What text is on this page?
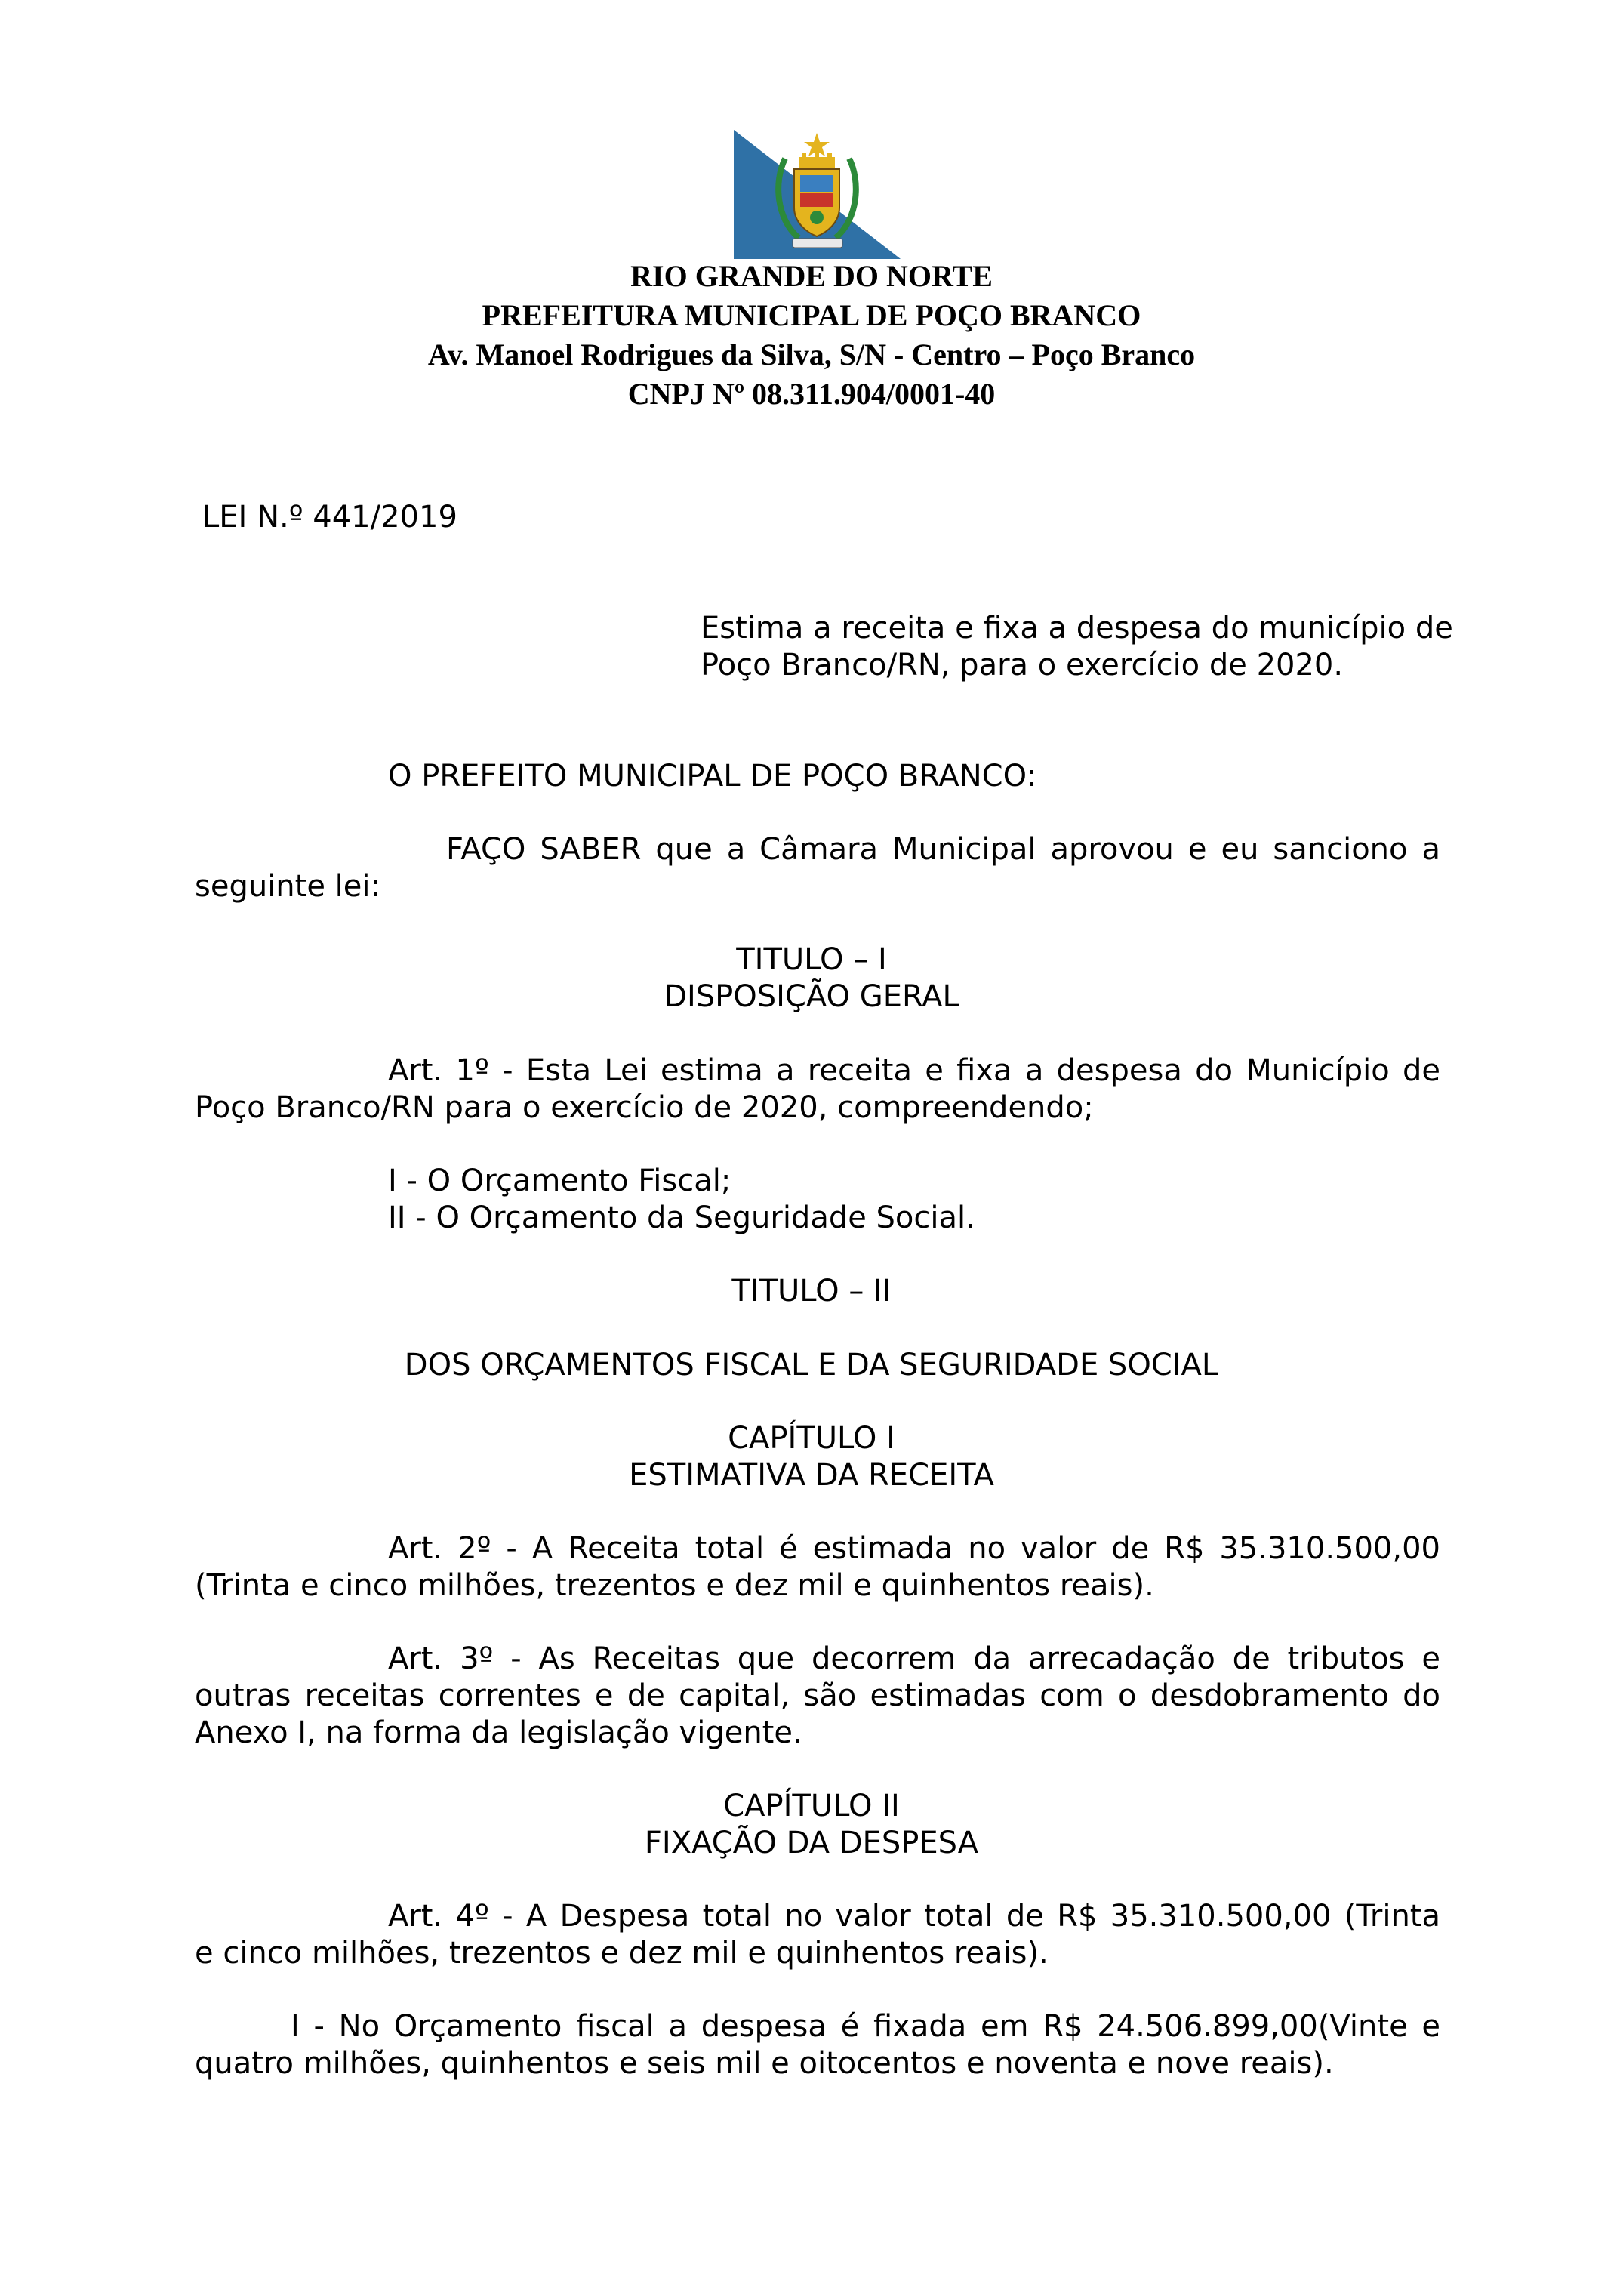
RIO GRANDE DO NORTE
PREFEITURA MUNICIPAL DE POÇO BRANCO
Av. Manoel Rodrigues da Silva, S/N - Centro – Poço Branco
CNPJ Nº 08.311.904/0001-40
LEI N.º 441/2019
Estima a receita e fixa a despesa do município de
Poço Branco/RN, para o exercício de 2020.
O PREFEITO MUNICIPAL DE POÇO BRANCO:
FAÇO SABER que a Câmara Municipal aprovou e eu sanciono a
seguinte lei:
TITULO – I
DISPOSIÇÃO GERAL
Art. 1º - Esta Lei estima a receita e fixa a despesa do Município de
Poço Branco/RN para o exercício de 2020, compreendendo;
I - O Orçamento Fiscal;
II - O Orçamento da Seguridade Social.
TITULO – II
DOS ORÇAMENTOS FISCAL E DA SEGURIDADE SOCIAL
CAPÍTULO I
ESTIMATIVA DA RECEITA
Art. 2º - A Receita total é estimada no valor de R$ 35.310.500,00
(Trinta e cinco milhões, trezentos e dez mil e quinhentos reais).
Art. 3º - As Receitas que decorrem da arrecadação de tributos e
outras receitas correntes e de capital, são estimadas com o desdobramento do
Anexo I, na forma da legislação vigente.
CAPÍTULO II
FIXAÇÃO DA DESPESA
Art. 4º - A Despesa total no valor total de R$ 35.310.500,00 (Trinta
e cinco milhões, trezentos e dez mil e quinhentos reais).
I - No Orçamento fiscal a despesa é fixada em R$ 24.506.899,00(Vinte e
quatro milhões, quinhentos e seis mil e oitocentos e noventa e nove reais).
